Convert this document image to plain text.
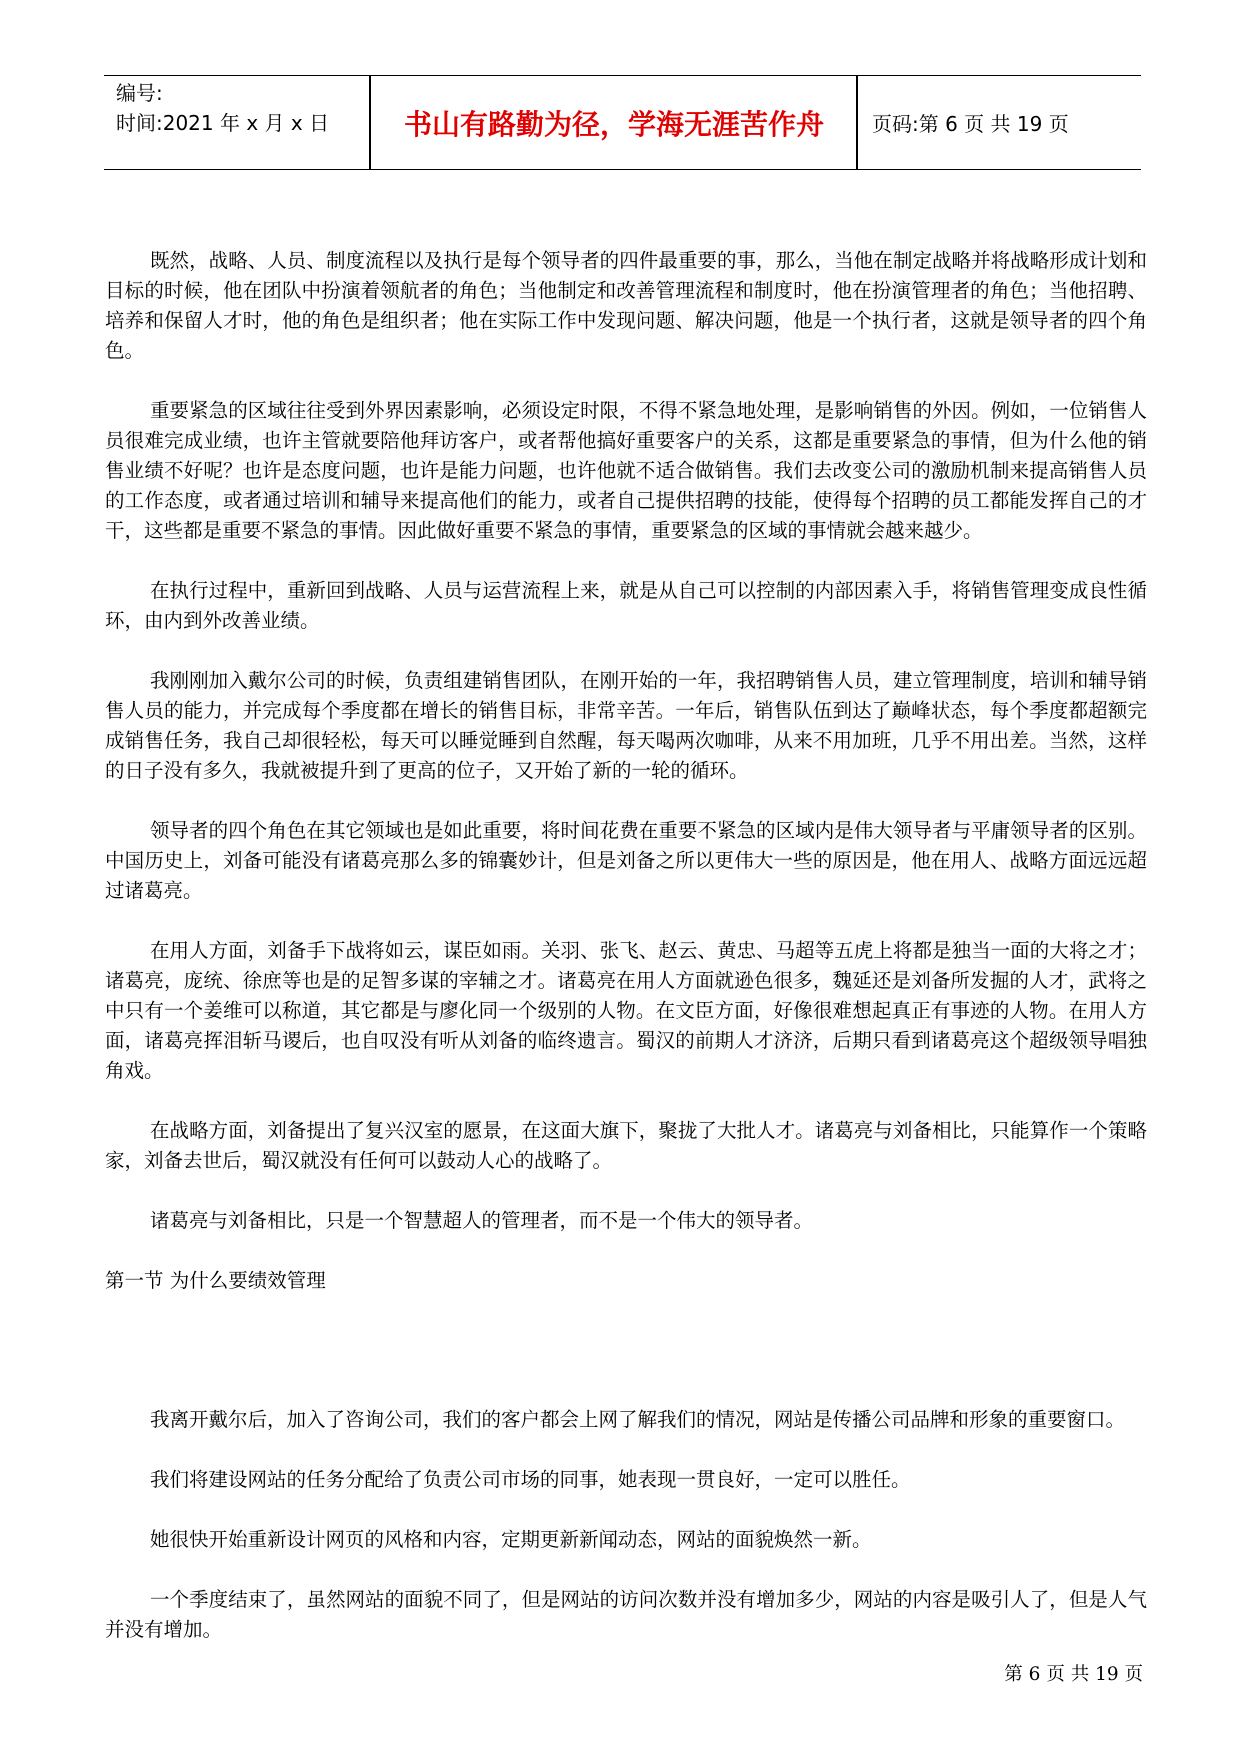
编号:
时间:2021 年 x 月 x 日	书山有路勤为径，学海无涯苦作舟	页码:第 6 页 共 19 页

既然，战略、人员、制度流程以及执行是每个领导者的四件最重要的事，那么，当他在制定战略并将战略形成计划和目标的时候，他在团队中扮演着领航者的角色；当他制定和改善管理流程和制度时，他在扮演管理者的角色；当他招聘、培养和保留人才时，他的角色是组织者；他在实际工作中发现问题、解决问题，他是一个执行者，这就是领导者的四个角色。

重要紧急的区域往往受到外界因素影响，必须设定时限，不得不紧急地处理，是影响销售的外因。例如，一位销售人员很难完成业绩，也许主管就要陪他拜访客户，或者帮他搞好重要客户的关系，这都是重要紧急的事情，但为什么他的销售业绩不好呢？也许是态度问题，也许是能力问题，也许他就不适合做销售。我们去改变公司的激励机制来提高销售人员的工作态度，或者通过培训和辅导来提高他们的能力，或者自己提供招聘的技能，使得每个招聘的员工都能发挥自己的才干，这些都是重要不紧急的事情。因此做好重要不紧急的事情，重要紧急的区域的事情就会越来越少。

在执行过程中，重新回到战略、人员与运营流程上来，就是从自己可以控制的内部因素入手，将销售管理变成良性循环，由内到外改善业绩。

我刚刚加入戴尔公司的时候，负责组建销售团队，在刚开始的一年，我招聘销售人员，建立管理制度，培训和辅导销售人员的能力，并完成每个季度都在增长的销售目标，非常辛苦。一年后，销售队伍到达了巅峰状态，每个季度都超额完成销售任务，我自己却很轻松，每天可以睡觉睡到自然醒，每天喝两次咖啡，从来不用加班，几乎不用出差。当然，这样的日子没有多久，我就被提升到了更高的位子，又开始了新的一轮的循环。

领导者的四个角色在其它领域也是如此重要，将时间花费在重要不紧急的区域内是伟大领导者与平庸领导者的区别。中国历史上，刘备可能没有诸葛亮那么多的锦囊妙计，但是刘备之所以更伟大一些的原因是，他在用人、战略方面远远超过诸葛亮。

在用人方面，刘备手下战将如云，谋臣如雨。关羽、张飞、赵云、黄忠、马超等五虎上将都是独当一面的大将之才；诸葛亮，庞统、徐庶等也是的足智多谋的宰辅之才。诸葛亮在用人方面就逊色很多，魏延还是刘备所发掘的人才，武将之中只有一个姜维可以称道，其它都是与廖化同一个级别的人物。在文臣方面，好像很难想起真正有事迹的人物。在用人方面，诸葛亮挥泪斩马谡后，也自叹没有听从刘备的临终遗言。蜀汉的前期人才济济，后期只看到诸葛亮这个超级领导唱独角戏。

在战略方面，刘备提出了复兴汉室的愿景，在这面大旗下，聚拢了大批人才。诸葛亮与刘备相比，只能算作一个策略家，刘备去世后，蜀汉就没有任何可以鼓动人心的战略了。

诸葛亮与刘备相比，只是一个智慧超人的管理者，而不是一个伟大的领导者。

第一节 为什么要绩效管理

我离开戴尔后，加入了咨询公司，我们的客户都会上网了解我们的情况，网站是传播公司品牌和形象的重要窗口。

我们将建设网站的任务分配给了负责公司市场的同事，她表现一贯良好，一定可以胜任。

她很快开始重新设计网页的风格和内容，定期更新新闻动态，网站的面貌焕然一新。

一个季度结束了，虽然网站的面貌不同了，但是网站的访问次数并没有增加多少，网站的内容是吸引人了，但是人气并没有增加。

第 6 页 共 19 页
